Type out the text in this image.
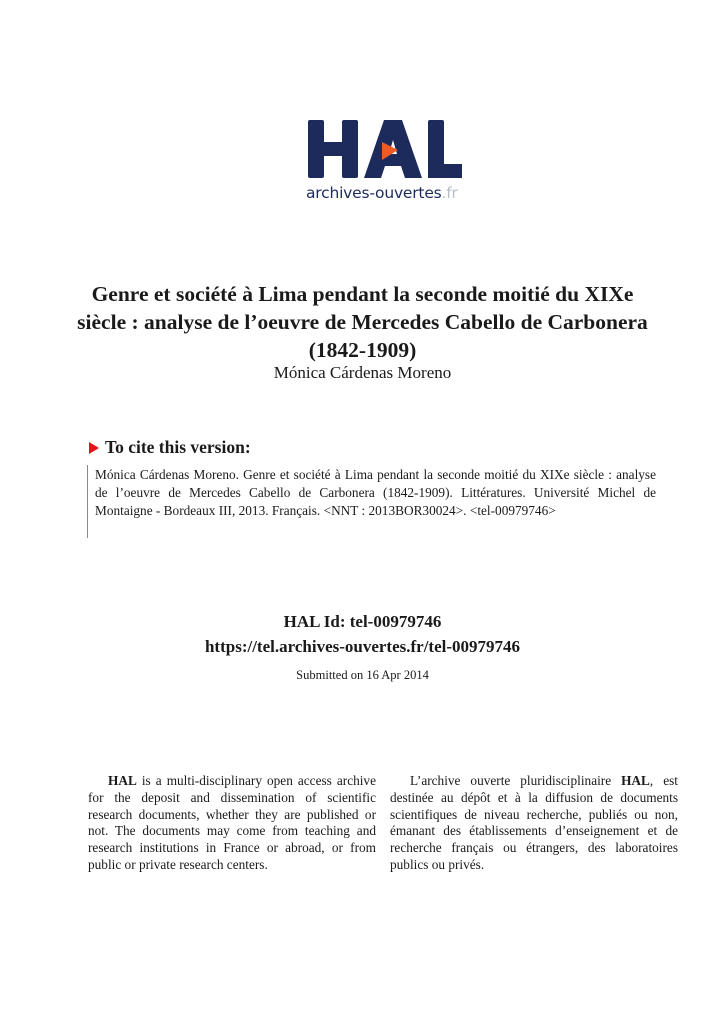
archives-ouvertes.fr
Genre et société à Lima pendant la seconde moitié du XIXe siècle : analyse de l’oeuvre de Mercedes Cabello de Carbonera (1842-1909)
Mónica Cárdenas Moreno
To cite this version:
Mónica Cárdenas Moreno. Genre et société à Lima pendant la seconde moitié du XIXe siècle : analyse de l’oeuvre de Mercedes Cabello de Carbonera (1842-1909). Littératures. Université Michel de Montaigne - Bordeaux III, 2013. Français. <NNT : 2013BOR30024>. <tel-00979746>
HAL Id: tel-00979746
https://tel.archives-ouvertes.fr/tel-00979746
Submitted on 16 Apr 2014
HAL is a multi-disciplinary open access archive for the deposit and dissemination of scientific research documents, whether they are published or not. The documents may come from teaching and research institutions in France or abroad, or from public or private research centers.
L’archive ouverte pluridisciplinaire HAL, est destinée au dépôt et à la diffusion de documents scientifiques de niveau recherche, publiés ou non, émanant des établissements d’enseignement et de recherche français ou étrangers, des laboratoires publics ou privés.
